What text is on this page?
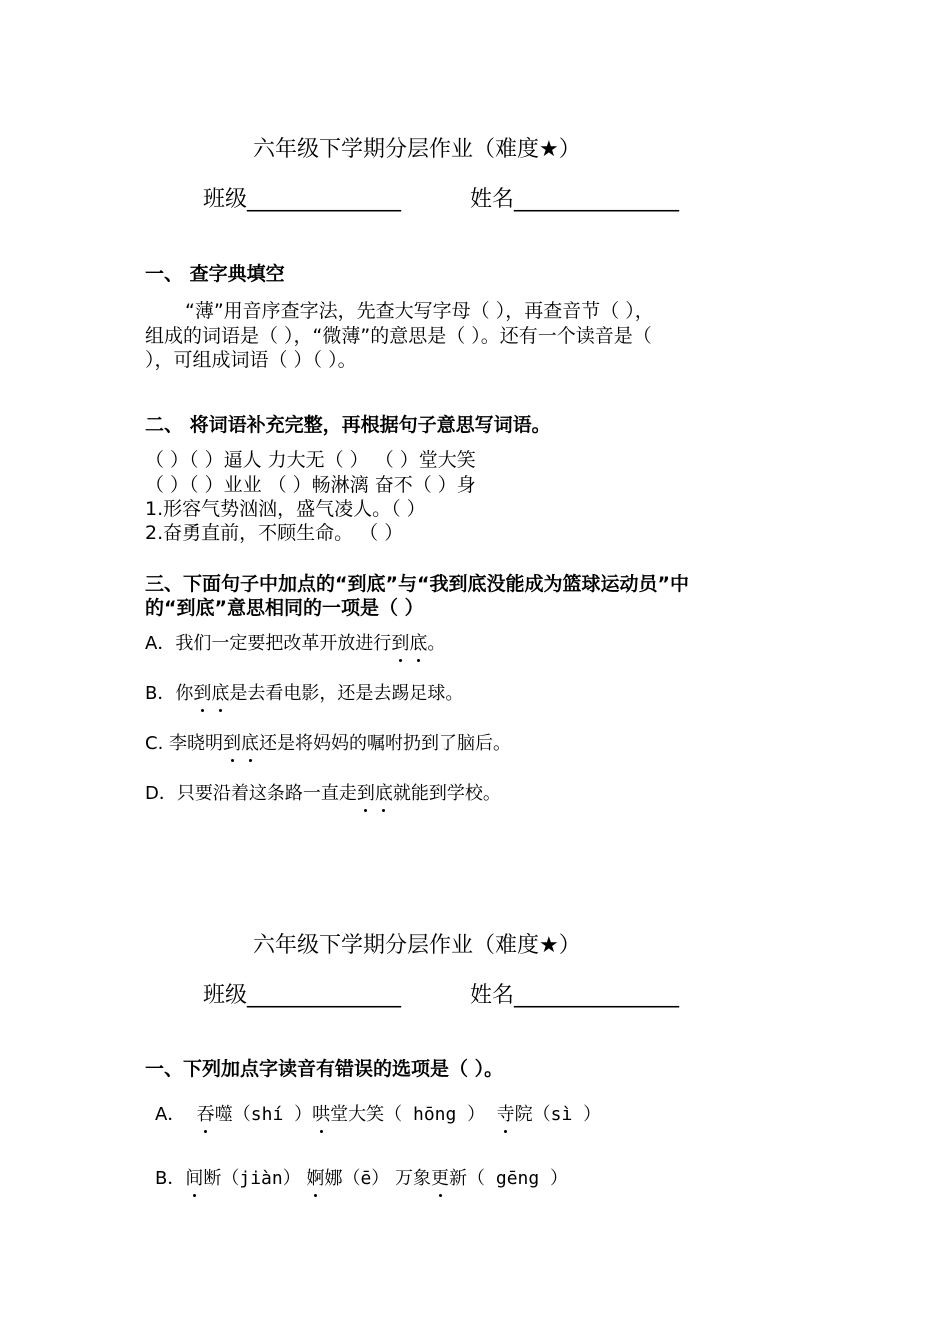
六年级下学期分层作业（难度★）
班级______________	姓名_______________
一、 查字典填空
“薄”用音序查字法，先查大写字母（ ），再查音节（ ），
组成的词语是（ ），“微薄”的意思是（ ）。还有一个读音是（
），可组成词语（ ）（ ）。
二、 将词语补充完整，再根据句子意思写词语。
（ ）（ ）逼人 力大无（ ） （ ）堂大笑
（ ）（ ）业业 （ ）畅淋漓 奋不（ ）身
1.形容气势汹汹，盛气凌人。（ ）
2.奋勇直前，不顾生命。 （ ）
三、下面句子中加点的“到底”与“我到底没能成为篮球运动员”中
的“到底”意思相同的一项是（ ）
A．我们一定要把改革开放进行到底。
B．你到底是去看电影，还是去踢足球。
C. 李晓明到底还是将妈妈的嘱咐扔到了脑后。
D．只要沿着这条路一直走到底就能到学校。
六年级下学期分层作业（难度★）
班级______________	姓名_______________
一、下列加点字读音有错误的选项是（ ）。
A． 吞噬（shí ）哄堂大笑（ hōng ） 寺院（sì ）
B．间断（jiàn） 婀娜（ē） 万象更新（ gēng ）
